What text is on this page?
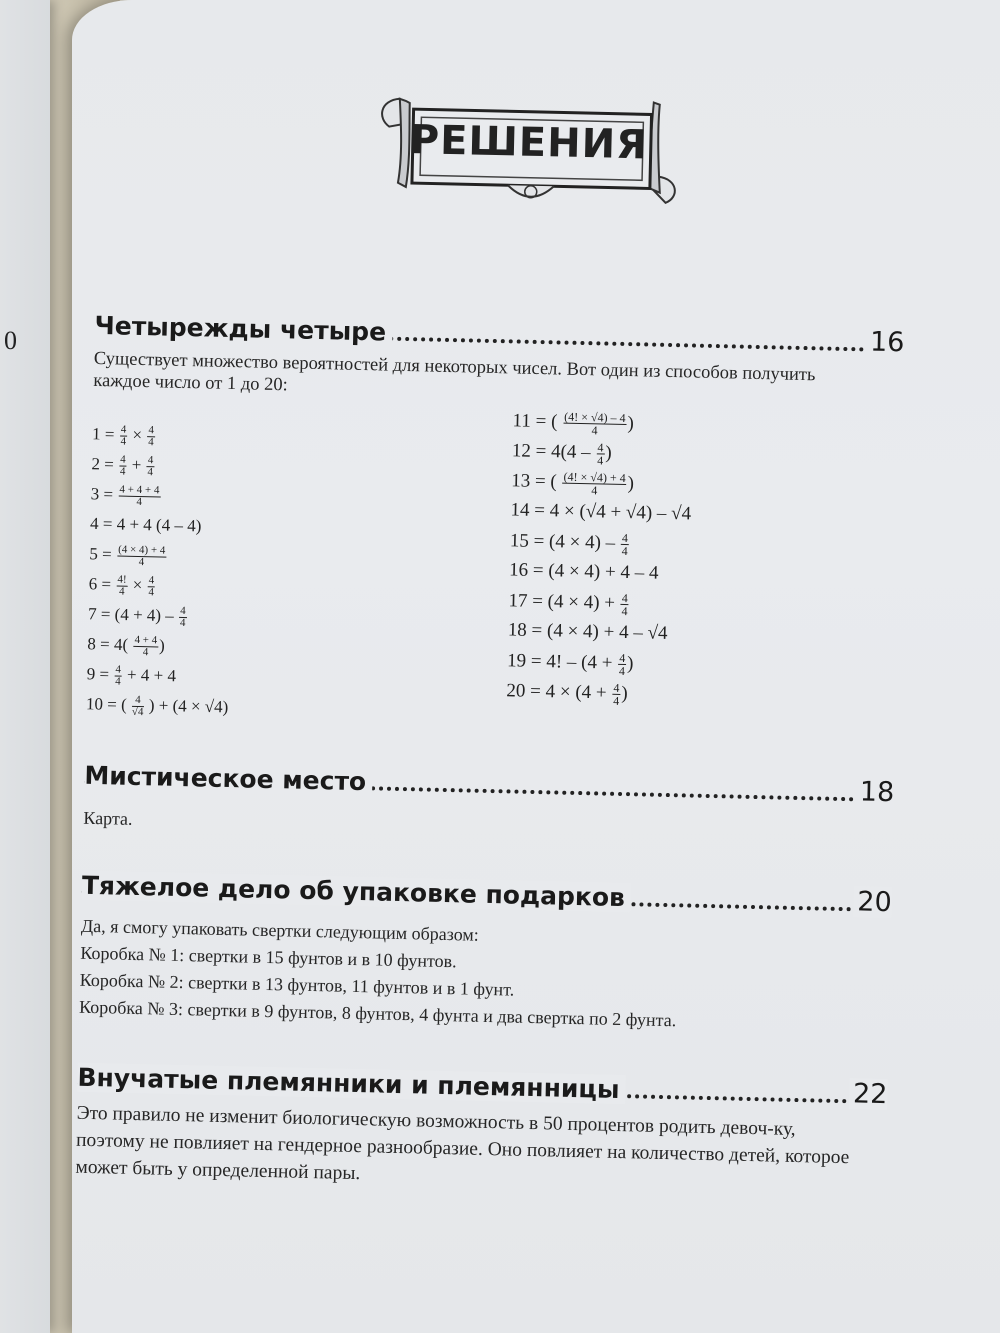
0
РЕШЕНИЯ
Четырежды четыре	16
Существует множество вероятностей для некоторых чисел. Вот один из способов получить каждое число от 1 до 20:
$1 = \frac{4}{4} \times \frac{4}{4}$
$2 = \frac{4}{4} + \frac{4}{4}$
$3 = \frac{4 + 4 + 4}{4}$
4 = 4 + 4 (4 – 4)
$5 = \frac{(4 \times 4) + 4}{4}$
$6 = \frac{4!}{4} \times \frac{4}{4}$
$7 = (4 + 4) - \frac{4}{4}$
$8 = 4( \frac{4 + 4}{4}$ )
$9 = \frac{4}{4} + 4 + 4$
10 = ( $\frac{4}{√4}$ ) + (4 × √4)
11 = ( $\frac{(4! \times √4) - 4}{4}$ )
$12 = 4(4 - \frac{4}{4}$ )
13 = ( $\frac{(4! \times √4) + 4}{4}$ )
14 = 4 × (√4 + √4) – √4
$15 = (4 \times 4) - \frac{4}{4}$
16 = (4 × 4) + 4 – 4
$17 = (4 \times 4) + \frac{4}{4}$
18 = (4 × 4) + 4 – √4
19 = 4! – ($4 + \frac{4}{4}$ )
$20 = 4 \times (4 + \frac{4}{4}$ )
Мистическое место	18
Карта.
Тяжелое дело об упаковке подарков	20
Да, я смогу упаковать свертки следующим образом:
Коробка № 1: свертки в 15 фунтов и в 10 фунтов.
Коробка № 2: свертки в 13 фунтов, 11 фунтов и в 1 фунт.
Коробка № 3: свертки в 9 фунтов, 8 фунтов, 4 фунта и два свертка по 2 фунта.
Внучатые племянники и племянницы	22
Это правило не изменит биологическую возможность в 50 процентов родить девоч-ку, поэтому не повлияет на гендерное разнообразие. Оно повлияет на количество детей, которое может быть у определенной пары.
